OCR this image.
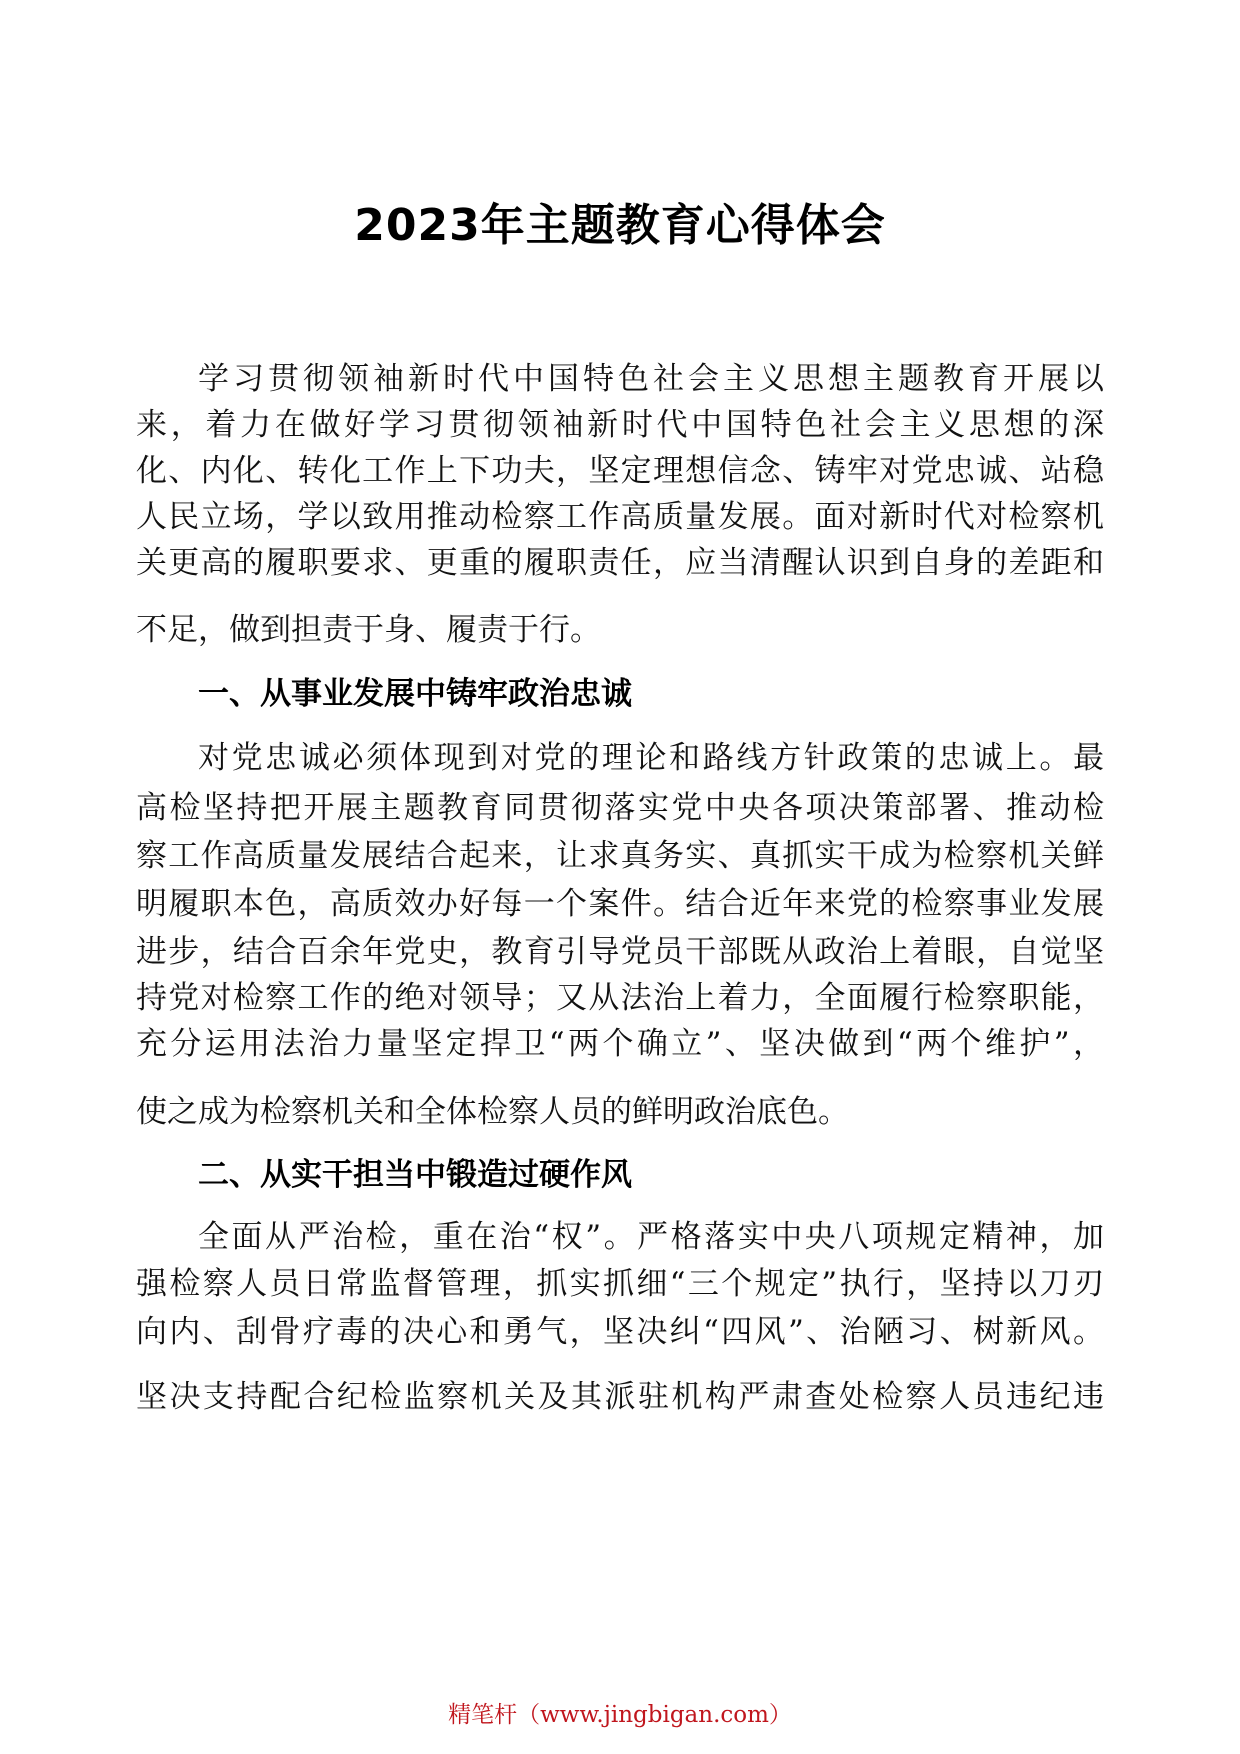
2023年主题教育心得体会
学习贯彻领袖新时代中国特色社会主义思想主题教育开展以
来，着力在做好学习贯彻领袖新时代中国特色社会主义思想的深
化、内化、转化工作上下功夫，坚定理想信念、铸牢对党忠诚、站稳
人民立场，学以致用推动检察工作高质量发展。面对新时代对检察机
关更高的履职要求、更重的履职责任，应当清醒认识到自身的差距和
不足，做到担责于身、履责于行。
一、从事业发展中铸牢政治忠诚
对党忠诚必须体现到对党的理论和路线方针政策的忠诚上。最
高检坚持把开展主题教育同贯彻落实党中央各项决策部署、推动检
察工作高质量发展结合起来，让求真务实、真抓实干成为检察机关鲜
明履职本色，高质效办好每一个案件。结合近年来党的检察事业发展
进步，结合百余年党史，教育引导党员干部既从政治上着眼，自觉坚
持党对检察工作的绝对领导；又从法治上着力，全面履行检察职能，
充分运用法治力量坚定捍卫“两个确立”、坚决做到“两个维护”，
使之成为检察机关和全体检察人员的鲜明政治底色。
二、从实干担当中锻造过硬作风
全面从严治检，重在治“权”。严格落实中央八项规定精神，加
强检察人员日常监督管理，抓实抓细“三个规定”执行，坚持以刀刃
向内、刮骨疗毒的决心和勇气，坚决纠“四风”、治陋习、树新风。
坚决支持配合纪检监察机关及其派驻机构严肃查处检察人员违纪违
精笔杆（www.jingbigan.com）
